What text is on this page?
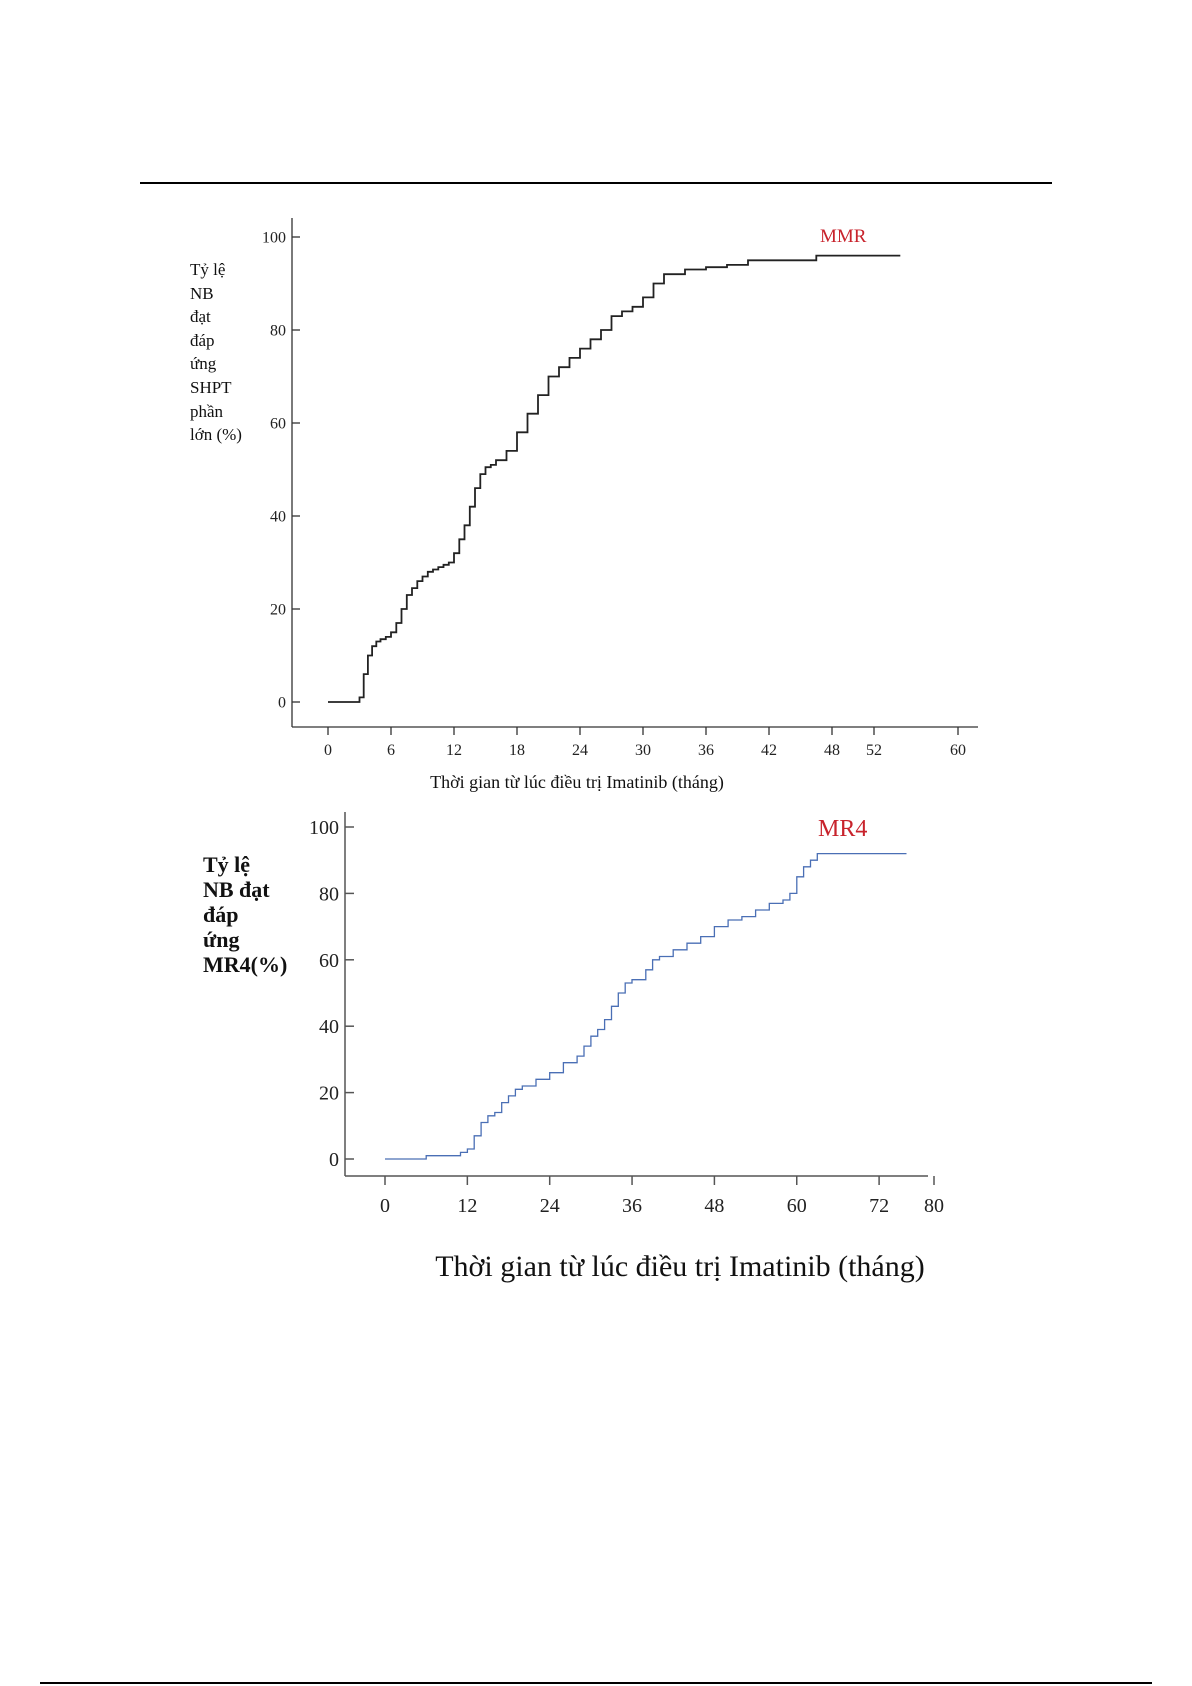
0
20
40
60
80
100
0	6	12	18	24	30	36	42	48 52	60
0
20
40
60
80
100
0	12	24	36	48	60	72 80
Tỷ lệ
NB
đạt
đáp
ứng
SHPT
phần
lớn (%)
Thời gian từ lúc điều trị Imatinib (tháng)
MMR
Tỷ lệ
NB đạt
đáp
ứng
MR4(%)
Thời gian từ lúc điều trị Imatinib (tháng)
MR4
